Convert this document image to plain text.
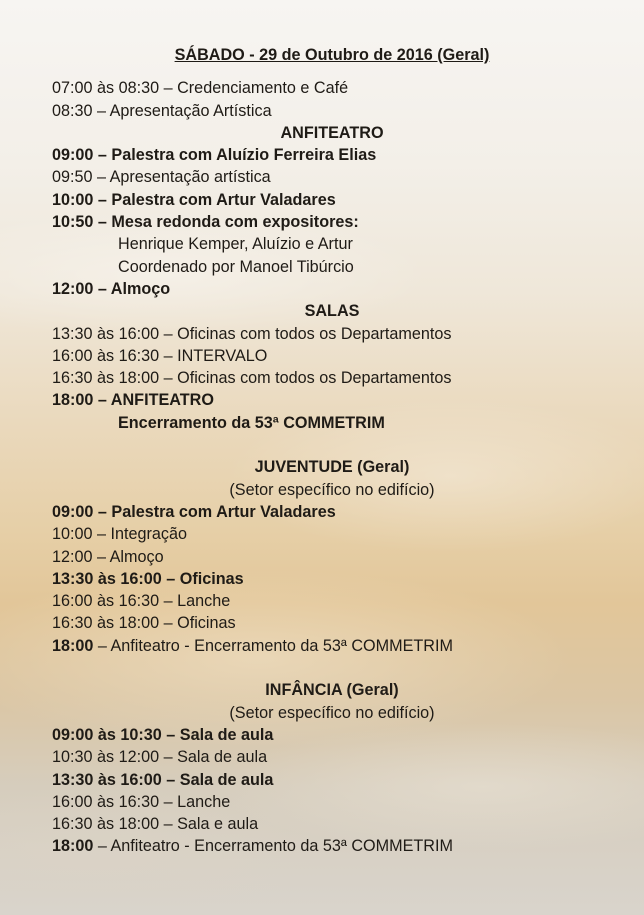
SÁBADO - 29 de Outubro de 2016 (Geral)
07:00 às 08:30 – Credenciamento e Café
08:30 – Apresentação Artística
ANFITEATRO
09:00 – Palestra com Aluízio Ferreira Elias
09:50 – Apresentação artística
10:00 – Palestra com Artur Valadares
10:50 – Mesa redonda com expositores:
Henrique Kemper, Aluízio e Artur
Coordenado por Manoel Tibúrcio
12:00 – Almoço
SALAS
13:30 às 16:00 – Oficinas com todos os Departamentos
16:00 às 16:30 – INTERVALO
16:30 às 18:00 – Oficinas com todos os Departamentos
18:00 – ANFITEATRO
Encerramento da 53ª COMMETRIM
JUVENTUDE (Geral)
(Setor específico no edifício)
09:00 – Palestra com Artur Valadares
10:00 – Integração
12:00 – Almoço
13:30 às 16:00 – Oficinas
16:00 às 16:30 – Lanche
16:30 às 18:00 – Oficinas
18:00 – Anfiteatro - Encerramento da 53ª COMMETRIM
INFÂNCIA (Geral)
(Setor específico no edifício)
09:00 às 10:30 – Sala de aula
10:30 às 12:00 – Sala de aula
13:30 às 16:00 – Sala de aula
16:00 às 16:30 – Lanche
16:30 às 18:00 – Sala e aula
18:00 – Anfiteatro - Encerramento da 53ª COMMETRIM
